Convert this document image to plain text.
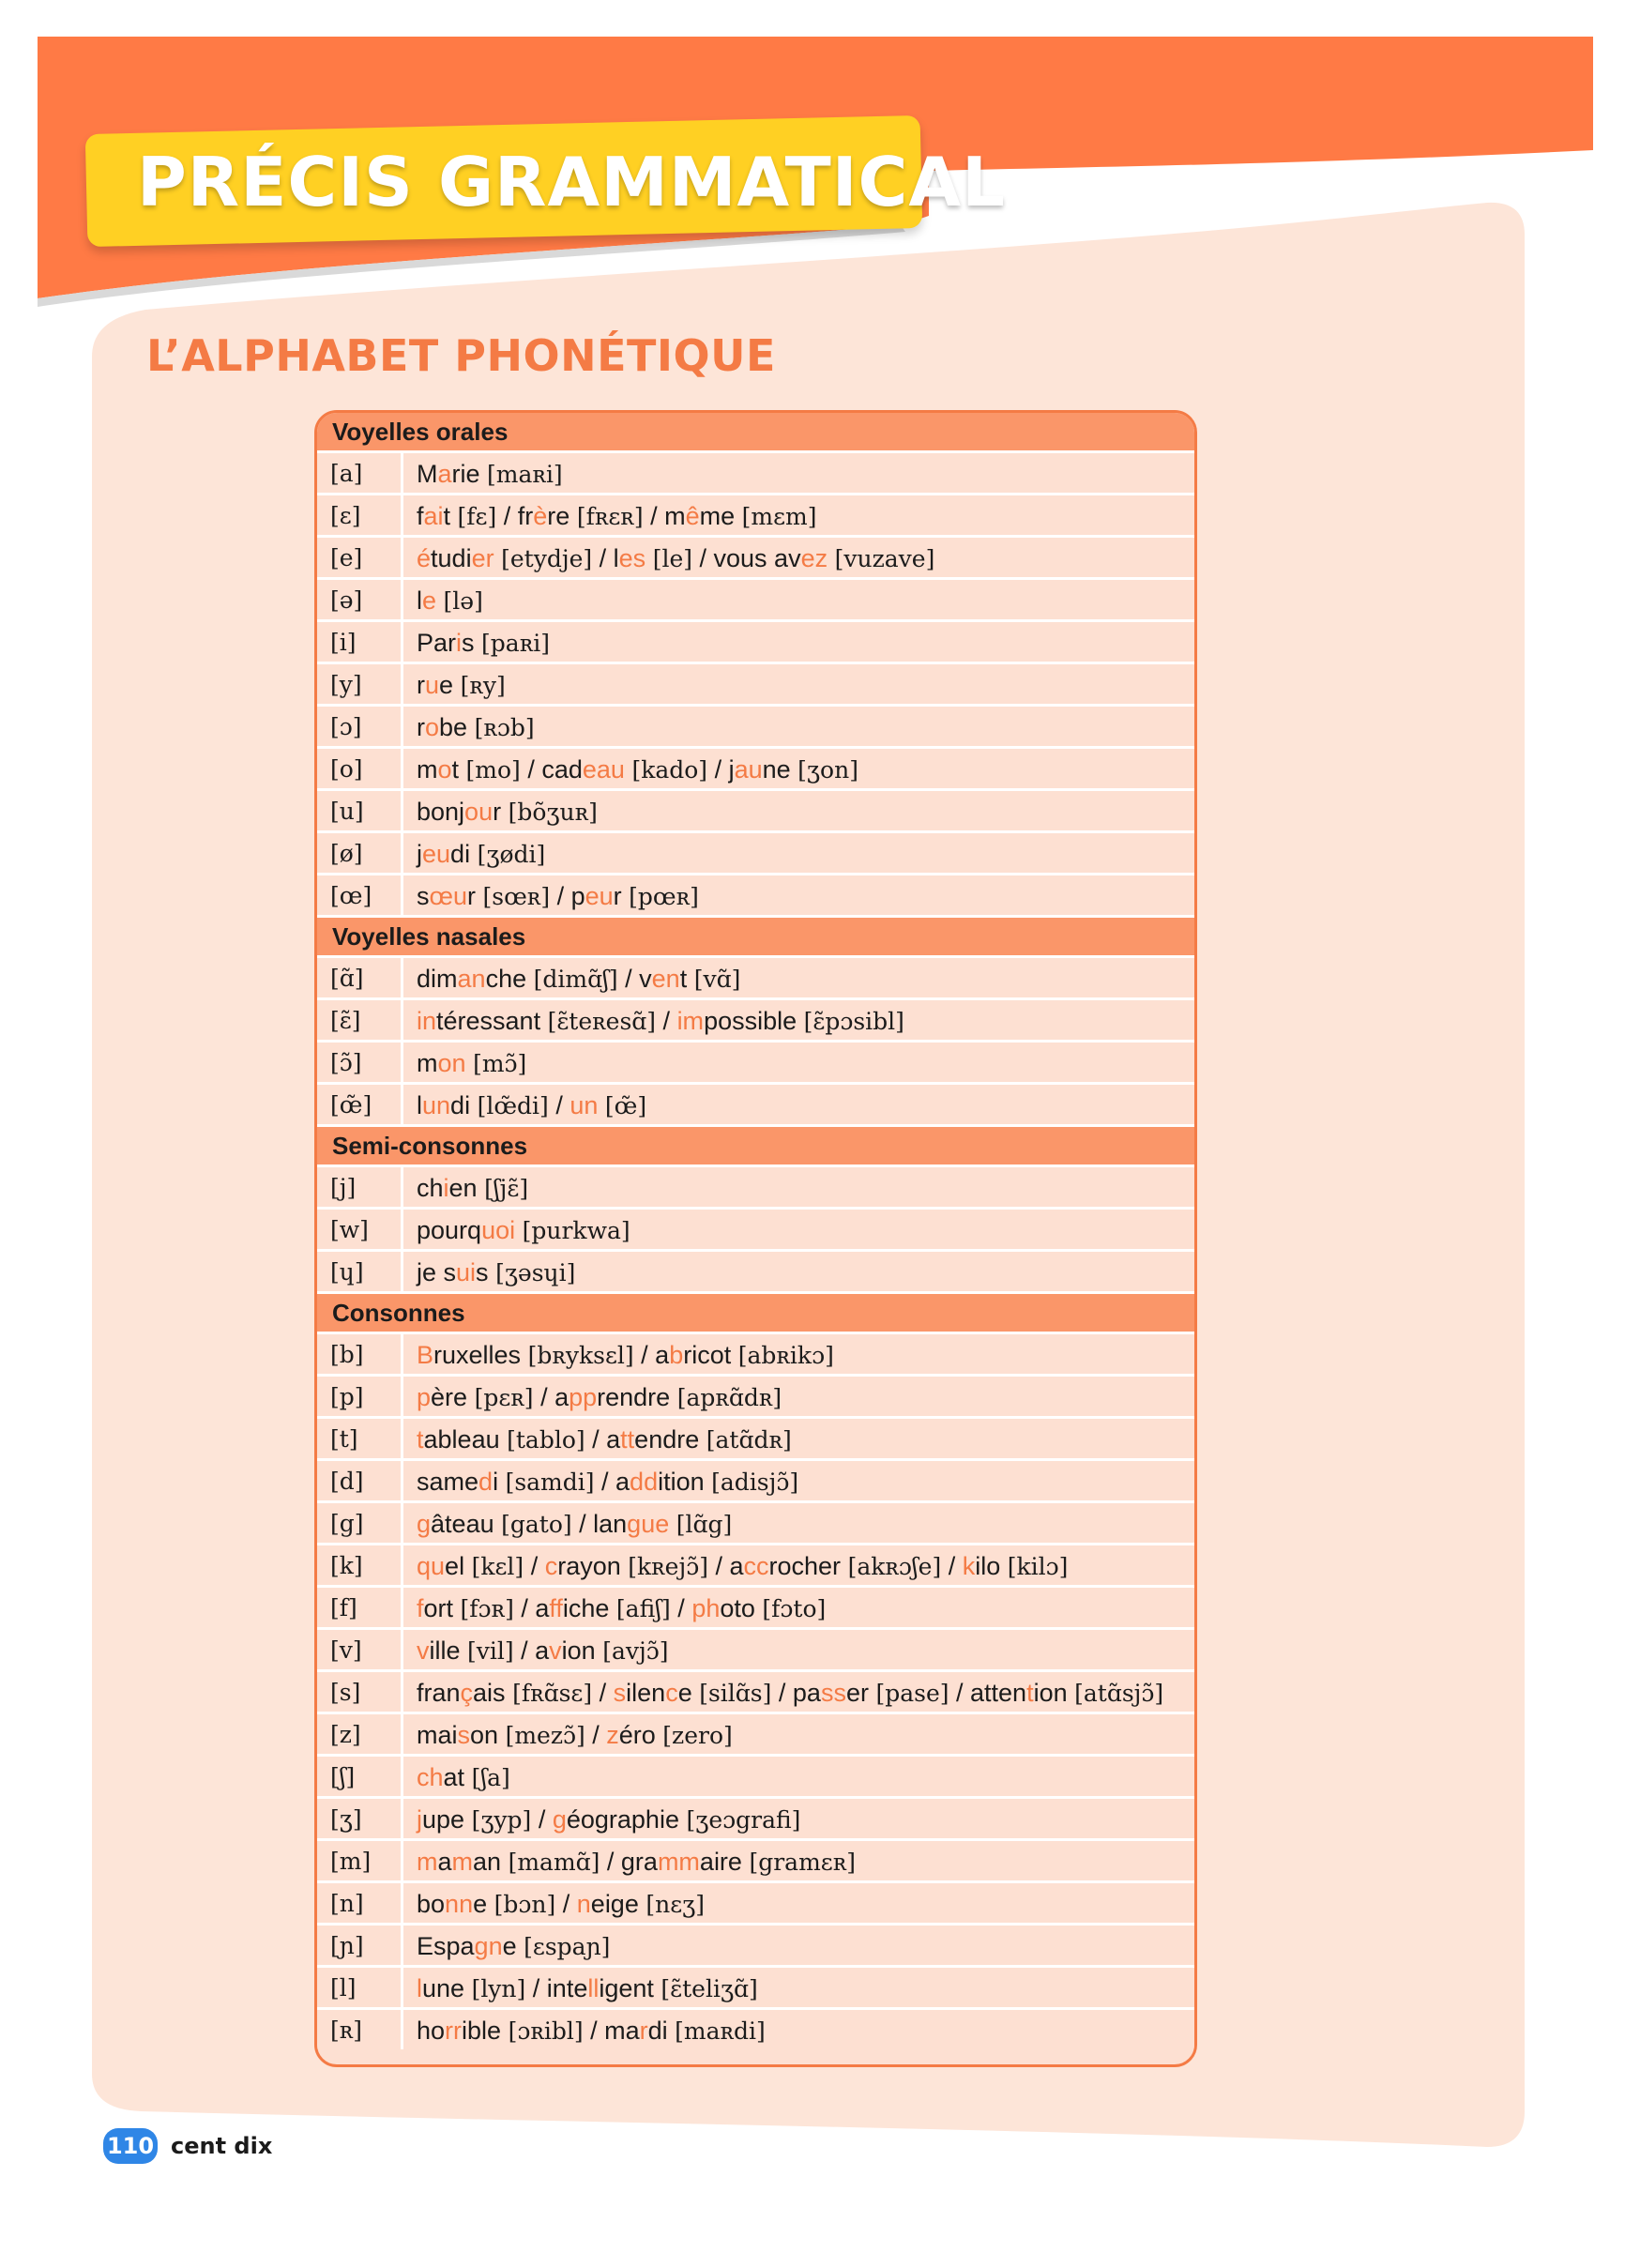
PRÉCIS GRAMMATICAL
L’ALPHABET PHONÉTIQUE
Voyelles orales
[a]	Marie [maʀi]
[ɛ]	fait [fɛ] / frère [fʀɛʀ] / même [mɛm]
[e]	étudier [etydje] / les [le] / vous avez [vuzave]
[ə]	le [lə]
[i]	Paris [paʀi]
[y]	rue [ʀy]
[ɔ]	robe [ʀɔb]
[o]	mot [mo] / cadeau [kado] / jaune [ʒon]
[u]	bonjour [bõʒuʀ]
[ø]	jeudi [ʒødi]
[œ]	sœur [sœʀ] / peur [pœʀ]
Voyelles nasales
[ɑ̃]	dimanche [dimɑ̃ʃ] / vent [vɑ̃]
[ɛ̃]	intéressant [ɛ̃teʀesɑ̃] / impossible [ɛ̃pɔsibl]
[ɔ̃]	mon [mɔ̃]
[œ̃]	lundi [lœ̃di] / un [œ̃]
Semi-consonnes
[j]	chien [ʃjɛ̃]
[w]	pourquoi [purkwa]
[ɥ]	je suis [ʒəsɥi]
Consonnes
[b]	Bruxelles [bʀyksɛl] / abricot [abʀikɔ]
[p]	père [pɛʀ] / apprendre [apʀɑ̃dʀ]
[t]	tableau [tablo] / attendre [atɑ̃dʀ]
[d]	samedi [samdi] / addition [adisjɔ̃]
[g]	gâteau [gato] / langue [lɑ̃g]
[k]	quel [kɛl] / crayon [kʀejɔ̃] / accrocher [akʀɔʃe] / kilo [kilɔ]
[f]	fort [fɔʀ] / affiche [afiʃ] / photo [fɔto]
[v]	ville [vil] / avion [avjɔ̃]
[s]	français [fʀɑ̃sɛ] / silence [silɑ̃s] / passer [pase] / attention [atɑ̃sjɔ̃]
[z]	maison [mezɔ̃] / zéro [zero]
[ʃ]	chat [ʃa]
[ʒ]	jupe [ʒyp] / géographie [ʒeɔgrafi]
[m]	maman [mamɑ̃] / grammaire [gramɛʀ]
[n]	bonne [bɔn] / neige [nɛʒ]
[ɲ]	Espagne [ɛspaɲ]
[l]	lune [lyn] / intelligent [ɛ̃teliʒɑ̃]
[ʀ]	horrible [ɔʀibl] / mardi [maʀdi]
110 cent dix
